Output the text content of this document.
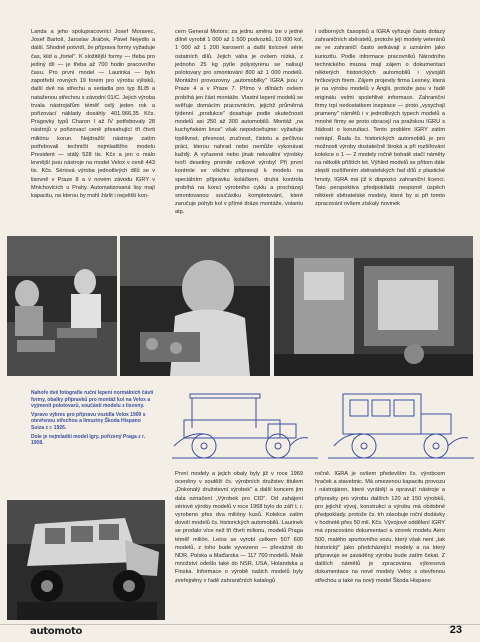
Landa a jeho spolupracovníci Josef Moravec, Josef Bartoš, Jaroslav Jiráček, Pavel Nejedlo a další. Shodně potvrdí, že příprava formy vyžaduje čas, kild a „fortel". K složitější formy — třeba pro jediný díl — je třeba až 700 hodin pracovního času. Pro první model — Laurinka — bylo zapotřebí rovných 19 forem pro výrobu výlisků, další dvě na střechu a sedadla pro typ 8L/B a nataženou střechou s závodní 01/C. Jejich výroba trvala nástrojařům téměř celý jeden rok a pořizovací náklady dosáhly 401.966,35 Kčs. Pragovky typů Charon I až IV potřebovaly 28 nástrojů v pořizovací ceně přesahující tři čtvrti miliónu korun. Nejdražší nástroje zatím potřebovali techničtí nejmladšího modelu President — stálý 528 tis. Kčs a jen o málo levnější jsou nástroje na model Velox v ceně 443 tis. Kčs. Sériová výroba jednotlivých dílů se v lisovně v Praze 8 a v novém závodu IGRY v Mnichovicích u Prahy. Automatizovaná lisy mají kapacitu, na kterou by mohl žárlit i největší kon-

cern General Motors: za jednu směnu lze v jedné dílně vyrobit 1 000 až 1 500 podvozků, 10 000 kol, 1 000 až 1 200 karoserií a další tisícové série ostatních dílů. Jejich váha je ovšem nízká, z jednoho 25 kg pytle polystyrenu se nalisují polotovary pro smontování 800 až 1 000 modelů. Montážní provozovny „automobilky" IGRA jsou v Praze 4 a v Praze 7. Přímo v dílnách ovšem probíhá jen část montáže. Vlastní lepení modelů se svěřuje domácím pracovnicím, jejichž průměrná týdenní „produkce" dosahuje podle skutečnosti modelů asi 250 až 300 automobilů. Montáž „na kuchyňském lince" však nepodceňujme: vyžaduje trpělivost, přesnost, zručnost, čistotu a pečlivou práci, kterou nahrad nebo nemůže vykonávat každý. A vyřazené nebo jinak nekvalitní výrobky tvoří desetiny promile celkové výroby! Při první kontrole se všichni připravují k modelu na speciálním přípravku koláčkem, druhá kontrola probíhá na konci výrobního cyklu a procházejí smontovanou součástku kompletování, které zaručuje pohyb kol v přímé dráze montáže, volantu atp.

i odborných časopisů a IGRA vyřizuje často dotazy zahraničních sběratelů, protože její modely veteránů se ve zahraničí často setkávají s uznáním jako kuriozitu. Podle informace pracovníků Národního technického muzea mají zájem o dokumentaci některých historických automobilů i vývojáři hrčkových firem. Zájem projevily firma Lesney, která je na výrobu modelů v Anglii, protože jsou v řadě originálu velmi spolehlivé informace. Zahraniční firmy trpí nedostatkem inspirace — proto „vysychají prameny" námětů i v jednotlivých typech modelů a mnohé firmy se proto obracejí na pražskou IGRU s žádostí o konzultaci. Tento problém IGRY zatím netrápí. Řada čs. historických automobilů je pro možnosti výroby dostatečně široká a při rozšiřování kolekce o 1 — 2 modely ročně bohatě stačí náměty na několik příštích let. Výhled modelů se přitom dále zlepší rozšířením sběratelských řad dílů z plastické hmoty. IGRA má již k dispozici zahraniční licenci. Tato perspektiva předpokládá nesporně úspěch některé sběratelské modely, které by si při tomto zpracování ovšem získaly novinek

Nahoře dvě fotografie ruční lepení normálních částí formy, obalky přípravků pro montáž kol na Velox a vyjmenit polotovarů, součástí modelu z lisovny.

Vpravo výkres pro přípravu vozidla Velox 1909 s otevřenou střechou a limuzíny Škoda Hispano Suiza z r. 1926.

Dole je nejmladší model Igry, pořízený Praga z r. 1908.

První modely a jejich obaly byly již v roce 1969 oceněny v soutěži čs. výrobních družstev titulem „Dokonalý družstevní výrobek" a další koncem jim dala označení „Výrobek pro CID". Od zahájení sériové výroby modelů v roce 1968 bylo do září t. r. vyrobeno přes dva milióny kusů. Kolekce zatím dovolí modelů čs. historických automobilů. Laurinek se prodalo více než tři čtvrti milionu, modelů Praga téměř milión. Letos se vyrobí celkem 507 600 modelů, z toho bude vyvezeno — převážně do NDR, Polska a Maďarska — 117 700 modelů. Malé množství odešlo také do NSR, USA, Holandska a Finska. Informace o výrobě našich modelů byly zveřejněny v řadě zahraničních katalogů

ročně. IGRA je ovšem především čs. výrobcem hraček a stavebnic. Má omezenou kapacitu provozu i nástrojáren, které vyrábějí a opravují nástroje a přípravky pro výrobu dalších 120 až 150 výrobků, pro jejichž vývoj, konstrukci a výrobu má obdobné předpoklady, protože čs. trh zásobuje roční dodávky v hodnotě přes 50 mil. Kčs. Vývojové oddělení IGRY má zpracováno dokumentaci a vzorek modelu Aero 500, malého sportovního vozu, který však není „tak historický" jako předcházející modely a na který připravuje se zaváděný výrobu bude zatím čekat. Z dalších námětů je zpracována výkresová dokumentace na nové modely Velox s otevřenou střechou a také na nový model Škoda Hispano

automoto	23
